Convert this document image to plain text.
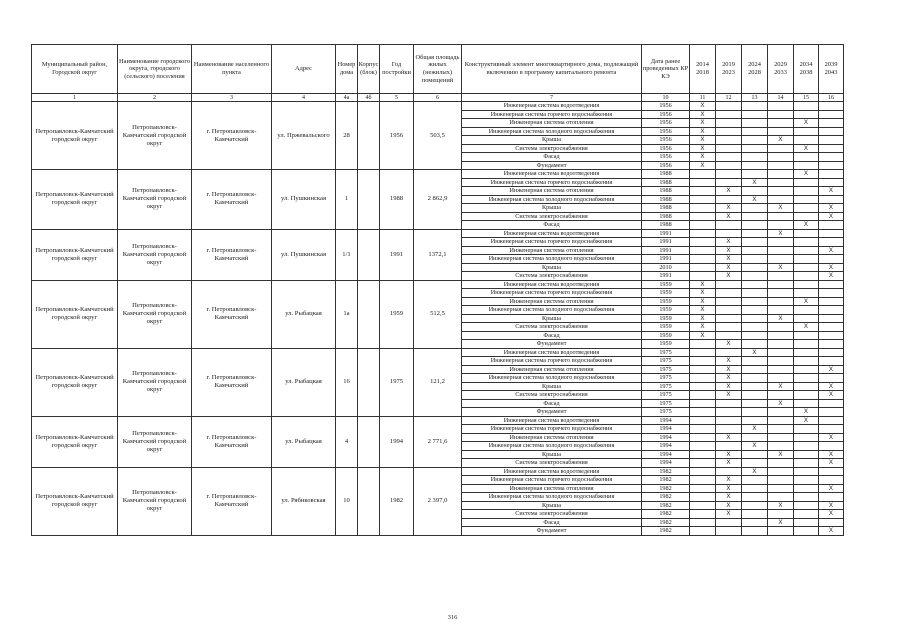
Муниципальный район, Городской округ	Наименование городского округа, городского (сельского) поселения	Наименование населенного пункта	Адрес	Номер дома	Корпус (блок)	Год постройки	Общая площадь жилых (нежилых) помещений	Конструктивный элемент многоквартирного дома, подлежащий включению в программу капитального ремонта	Дата ранее проведенных КР КЭ	2014 2018	2019 2023	2024 2028	2029 2033	2034 2038	2039 2043
1	2	3	4	4а	4б	5	6	7	10	11	12	13	14	15	16
Петропавловск-Камчатский городской округ	Петропавловск-Камчатский городской округ	г. Петропавловск-Камчатский	ул. Пржевальского	28		1956	503,5	Инженерная система водоотведения	1956	X					
								Инженерная система горячего водоснабжения	1956	X					
								Инженерная система отопления	1956	X				X	
								Инженерная система холодного водоснабжения	1956	X					
								Крыша	1956	X			X		
								Система электроснабжения	1956	X				X	
								Фасад	1956	X					
								Фундамент	1956	X					
Петропавловск-Камчатский городской округ	Петропавловск-Камчатский городской округ	г. Петропавловск-Камчатский	ул. Пушкинская	1		1988	2 862,9	Инженерная система водоотведения	1988					X	
								Инженерная система горячего водоснабжения	1988			X			
								Инженерная система отопления	1988		X				X
								Инженерная система холодного водоснабжения	1988			X			
								Крыша	1988		X		X		X
								Система электроснабжения	1988		X				X
								Фасад	1988					X	
Петропавловск-Камчатский городской округ	Петропавловск-Камчатский городской округ	г. Петропавловск-Камчатский	ул. Пушкинская	1/1		1991	1372,1	Инженерная система водоотведения	1991				X		
								Инженерная система горячего водоснабжения	1991		X				
								Инженерная система отопления	1991		X				X
								Инженерная система холодного водоснабжения	1991		X				
								Крыша	2010		X		X		X
								Система электроснабжения	1991		X				X
Петропавловск-Камчатский городской округ	Петропавловск-Камчатский городской округ	г. Петропавловск-Камчатский	ул. Рыбацкая	1а		1959	512,5	Инженерная система водоотведения	1959	X					
								Инженерная система горячего водоснабжения	1959	X					
								Инженерная система отопления	1959	X				X	
								Инженерная система холодного водоснабжения	1959	X					
								Крыша	1959	X			X		
								Система электроснабжения	1959	X				X	
								Фасад	1959	X					
								Фундамент	1959		X				
Петропавловск-Камчатский городской округ	Петропавловск-Камчатский городской округ	г. Петропавловск-Камчатский	ул. Рыбацкая	16		1975	121,2	Инженерная система водоотведения	1975			X			
								Инженерная система горячего водоснабжения	1975		X				
								Инженерная система отопления	1975		X				X
								Инженерная система холодного водоснабжения	1975		X				
								Крыша	1975		X		X		X
								Система электроснабжения	1975		X				X
								Фасад	1975				X		
								Фундамент	1975					X	
Петропавловск-Камчатский городской округ	Петропавловск-Камчатский городской округ	г. Петропавловск-Камчатский	ул. Рыбацкая	4		1994	2 771,6	Инженерная система водоотведения	1994					X	
								Инженерная система горячего водоснабжения	1994			X			
								Инженерная система отопления	1994		X				X
								Инженерная система холодного водоснабжения	1994			X			
								Крыша	1994		X		X		X
								Система электроснабжения	1994		X				X
Петропавловск-Камчатский городской округ	Петропавловск-Камчатский городской округ	г. Петропавловск-Камчатский	ул. Рябиковская	10		1982	2 397,0	Инженерная система водоотведения	1982			X			
								Инженерная система горячего водоснабжения	1982		X				
								Инженерная система отопления	1982		X				X
								Инженерная система холодного водоснабжения	1982		X				
								Крыша	1982		X		X		X
								Система электроснабжения	1982		X				X
								Фасад	1982				X		
								Фундамент	1982						X
316
